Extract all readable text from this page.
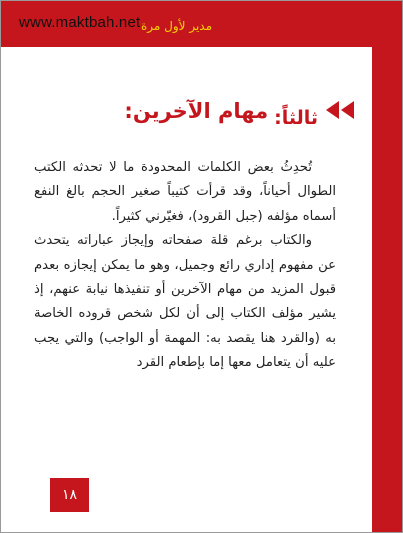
www.maktbah.net مدير لأول مرة
ثالثاً:
مهام الآخرين:

تُحدِثُ بعض الكلمات المحدودة ما لا تحدثه الكتب الطوال أحياناً، وقد قرأت كتيباً صغير الحجم بالغ النفع أسماه مؤلفه (جبل القرود)، فغيّرني كثيراً.

والكتاب برغم قلة صفحاته وإيجاز عباراته يتحدث عن مفهوم إداري رائع وجميل، وهو ما يمكن إيجازه بعدم قبول المزيد من مهام الآخرين أو تنفيذها نيابة عنهم، إذ يشير مؤلف الكتاب إلى أن لكل شخص قروده الخاصة به (والقرد هنا يقصد به: المهمة أو الواجب) والتي يجب عليه أن يتعامل معها إما بإطعام القرد

١٨
